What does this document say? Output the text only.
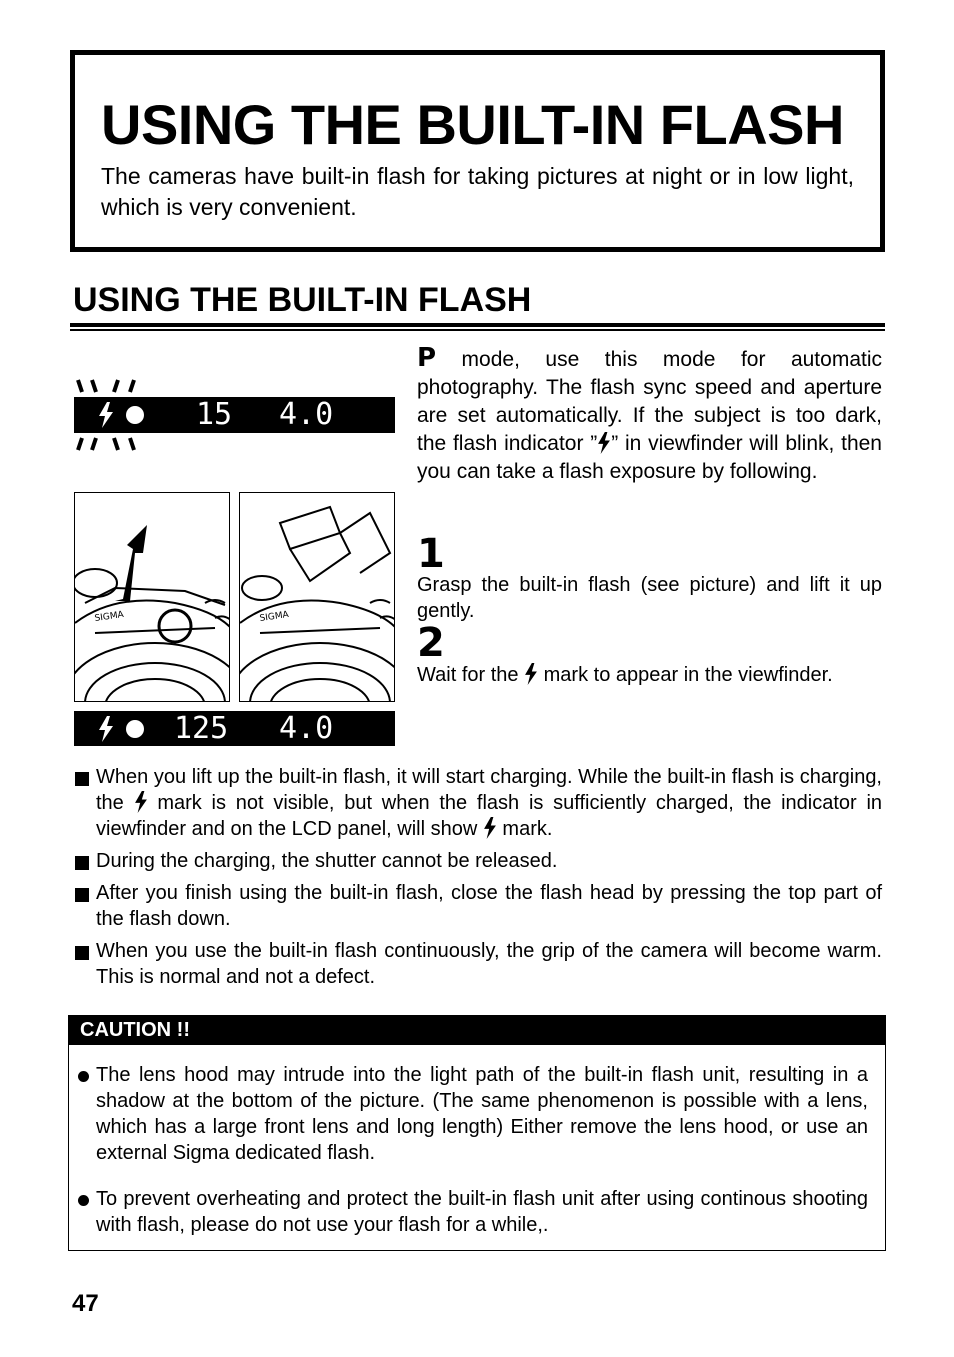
USING THE BUILT-IN FLASH

The cameras have built-in flash for taking pictures at night or in low light, which is very convenient.

USING THE BUILT-IN FLASH
15 4.0
SIGMA	SIGMA
125 4.0
P mode, use this mode for automatic photography. The flash sync speed and aperture are set automatically. If the subject is too dark, the flash indicator ” ” in viewfinder will blink, then you can take a flash exposure by following.
1
Grasp the built-in flash (see picture) and lift it up gently.
2
Wait for the  mark to appear in the viewfinder.
When you lift up the built-in flash, it will start charging. While the built-in flash is charging, the  mark is not visible, but when the flash is sufficiently charged, the indicator in viewfinder and on the LCD panel, will show  mark.
During the charging, the shutter cannot be released.
After you finish using the built-in flash, close the flash head by pressing the top part of the flash down.
When you use the built-in flash continuously, the grip of the camera will become warm. This is normal and not a defect.
CAUTION !!
The lens hood may intrude into the light path of the built-in flash unit, resulting in a shadow at the bottom of the picture. (The same phenomenon is possible with a lens, which has a large front lens and long length) Either remove the lens hood, or use an external Sigma dedicated flash.
To prevent overheating and protect the built-in flash unit after using continous shooting with flash, please do not use your flash for a while,.
47
